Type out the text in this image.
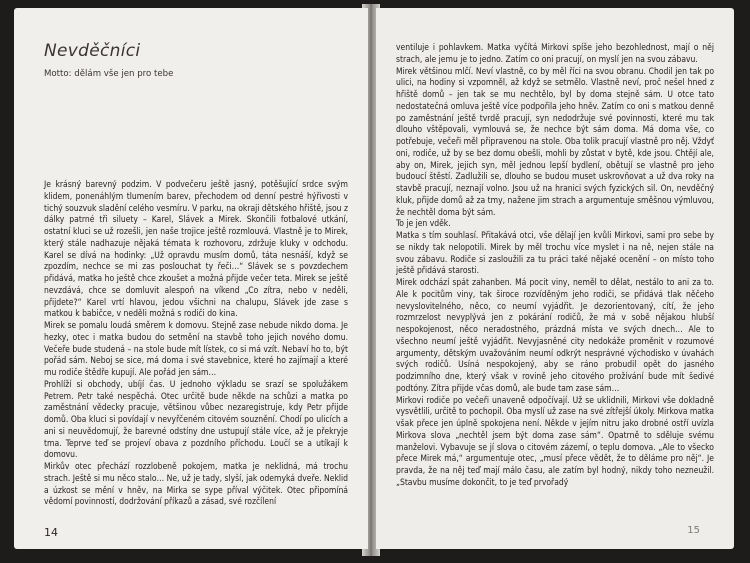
Nevděčníci
Motto: dělám vše jen pro tebe

Je krásný barevný podzim. V podvečeru ještě jasný, potěšující srdce svým klidem, ponenáhlým tlumením barev, přechodem od denní pestré hýřivosti v tichý souzvuk sladění celého vesmíru. V parku, na okraji dětského hřiště, jsou z dálky patrné tři siluety – Karel, Slávek a Mirek. Skončili fotbalové utkání, ostatní kluci se už rozešli, jen naše trojice ještě rozmlouvá. Vlastně je to Mirek, který stále nadhazuje nějaká témata k rozhovoru, zdržuje kluky v odchodu. Karel se dívá na hodinky: „Už opravdu musím domů, táta nesnáší, když se zpozdím, nechce se mi zas poslouchat ty řeči…“ Slávek se s povzdechem přidává, matka ho ještě chce zkoušet a možná přijde večer teta. Mirek se ještě nevzdává, chce se domluvit alespoň na víkend „Co zítra, nebo v neděli, přijdete?“ Karel vrtí hlavou, jedou všichni na chalupu, Slávek jde zase s matkou k babičce, v neděli možná s rodiči do kina.

Mirek se pomalu loudá směrem k domovu. Stejně zase nebude nikdo doma. Je hezky, otec i matka budou do setmění na stavbě toho jejich nového domu. Večeře bude studená – na stole bude mít lístek, co si má vzít. Nebaví ho to, být pořád sám. Neboj se sice, má doma i své stavebnice, které ho zajímají a které mu rodiče štědře kupují. Ale pořád jen sám…

Prohlíží si obchody, ubíjí čas. U jednoho výkladu se srazí se spolužákem Petrem. Petr také nespěchá. Otec určitě bude někde na schůzi a matka po zaměstnání vědecky pracuje, většinou vůbec nezaregistruje, kdy Petr přijde domů. Oba kluci si povídají v nevyřčeném citovém souznění. Chodí po ulicích a ani si neuvědomují, že barevné odstíny dne ustupují stále více, až je překryje tma. Teprve teď se projeví obava z pozdního příchodu. Loučí se a utíkají k domovu.

Mirkův otec přechází rozzlobeně pokojem, matka je neklidná, má trochu strach. Ještě si mu něco stalo… Ne, už je tady, slyší, jak odemyká dveře. Neklid a úzkost se mění v hněv, na Mirka se sype příval výčitek. Otec připomíná vědomí povinností, dodržování příkazů a zásad, své rozčílení

14

ventiluje i pohlavkem. Matka vyčítá Mirkovi spíše jeho bezohlednost, mají o něj strach, ale jemu je to jedno. Zatím co oni pracují, on myslí jen na svou zábavu.

Mirek většinou mlčí. Neví vlastně, co by měl říci na svou obranu. Chodil jen tak po ulici, na hodiny si vzpomněl, až když se setmělo. Vlastně neví, proč nešel hned z hřiště domů – jen tak se mu nechtělo, byl by doma stejně sám. U otce tato nedostatečná omluva ještě více podpořila jeho hněv. Zatím co oni s matkou denně po zaměstnání ještě tvrdě pracují, syn nedodržuje své povinnosti, které mu tak dlouho vštěpovali, vymlouvá se, že nechce být sám doma. Má doma vše, co potřebuje, večeři měl připravenou na stole. Oba tolik pracují vlastně pro něj. Vždyť oni, rodiče, už by se bez domu obešli, mohli by zůstat v bytě, kde jsou. Chtějí ale, aby on, Mirek, jejich syn, měl jednou lepší bydlení, obětují se vlastně pro jeho budoucí štěstí. Zadlužili se, dlouho se budou muset uskrovňovat a už dva roky na stavbě pracují, neznají volno. Jsou už na hranici svých fyzických sil. On, nevděčný kluk, přijde domů až za tmy, nažene jim strach a argumentuje směšnou výmluvou, že nechtěl doma být sám.

To je jen vděk.

Matka s tím souhlasí. Přitakává otci, vše dělají jen kvůli Mirkovi, sami pro sebe by se nikdy tak nelopotili. Mirek by měl trochu více myslet i na ně, nejen stále na svou zábavu. Rodiče si zasloužili za tu práci také nějaké ocenění – on místo toho ještě přidává starosti.

Mirek odchází spát zahanben. Má pocit viny, neměl to dělat, nestálo to ani za to. Ale k pocitům viny, tak široce rozvíděným jeho rodiči, se přidává tlak něčeho nevyslovitelného, něco, co neumí vyjádřit. Je dezorientovaný, cítí, že jeho rozmrzelost nevyplývá jen z pokárání rodičů, že má v sobě nějakou hlubší nespokojenost, něco neradostného, prázdná místa ve svých dnech… Ale to všechno neumí ještě vyjádřit. Nevyjasněné city nedokáže proměnit v rozumové argumenty, dětským uvažováním neumí odkrýt nesprávné východisko v úvahách svých rodičů. Usíná nespokojený, aby se ráno probudil opět do jasného podzimního dne, který však v rovině jeho citového prožívání bude mít šedivé podtóny. Zítra přijde včas domů, ale bude tam zase sám…

Mirkovi rodiče po večeři unaveně odpočívají. Už se uklidnili, Mirkovi vše dokladně vysvětlili, určitě to pochopil. Oba myslí už zase na své zítřejší úkoly. Mirkova matka však přece jen úplně spokojena není. Někde v jejím nitru jako drobné ostří uvízla Mirkova slova „nechtěl jsem být doma zase sám“. Opatrně to sděluje svému manželovi. Vybavuje se jí slova o citovém zázemí, o teplu domova. „Ale to všecko přece Mirek má,“ argumentuje otec, „musí přece vědět, že to děláme pro něj“. Je pravda, že na něj teď mají málo času, ale zatím byl hodný, nikdy toho nezneužil. „Stavbu musíme dokončit, to je teď prvořadý

15
